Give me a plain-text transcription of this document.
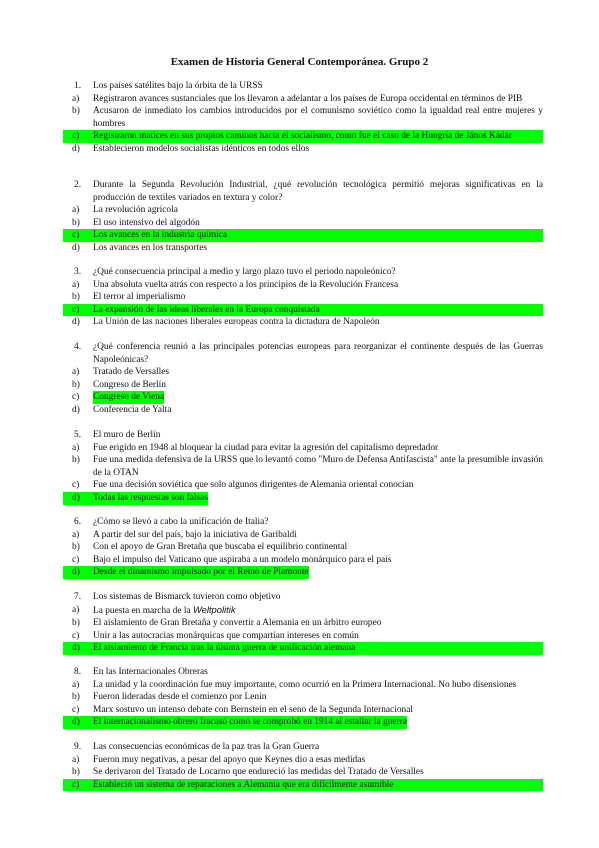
Examen de Historia General Contemporánea. Grupo 2
1.	Los países satélites bajo la órbita de la URSS
a)	Registraron avances sustanciales que los llevaron a adelantar a los países de Europa occidental en términos de PIB
b)	Acusaron de inmediato los cambios introducidos por el comunismo soviético como la igualdad real entre mujeres y hombres
c)	Registraron matices en sus propios caminos hacia el socialismo, como fue el caso de la Hungría de János Kádár
d)	Establecieron modelos socialistas idénticos en todos ellos
2.	Durante la Segunda Revolución Industrial, ¿qué revolución tecnológica permitió mejoras significativas en la producción de textiles variados en textura y color?
a)	La revolución agrícola
b)	El uso intensivo del algodón
c)	Los avances en la industria química
d)	Los avances en los transportes
3.	¿Qué consecuencia principal a medio y largo plazo tuvo el periodo napoleónico?
a)	Una absoluta vuelta atrás con respecto a los principios de la Revolución Francesa
b)	El terror al imperialismo
c)	La expansión de las ideas liberales en la Europa conquistada
d)	La Unión de las naciones liberales europeas contra la dictadura de Napoleón
4.	¿Qué conferencia reunió a las principales potencias europeas para reorganizar el continente después de las Guerras Napoleónicas?
a)	Tratado de Versalles
b)	Congreso de Berlín
c)	Congreso de Viena
d)	Conferencia de Yalta
5.	El muro de Berlín
a)	Fue erigido en 1948 al bloquear la ciudad para evitar la agresión del capitalismo depredador
b)	Fue una medida defensiva de la URSS que lo levantó como "Muro de Defensa Antifascista" ante la presumible invasión de la OTAN
c)	Fue una decisión soviética que solo algunos dirigentes de Alemania oriental conocían
d)	Todas las respuestas son falsas
6.	¿Cómo se llevó a cabo la unificación de Italia?
a)	A partir del sur del país, bajo la iniciativa de Garibaldi
b)	Con el apoyo de Gran Bretaña que buscaba el equilibrio continental
c)	Bajo el impulso del Vaticano que aspiraba a un modelo monárquico para el país
d)	Desde el dinamismo impulsado por el Reino de Piamonte
7.	Los sistemas de Bismarck tuvieron como objetivo
a)	La puesta en marcha de la Weltpolitik
b)	El aislamiento de Gran Bretaña y convertir a Alemania en un árbitro europeo
c)	Unir a las autocracias monárquicas que compartían intereses en común
d)	El aislamiento de Francia tras la última guerra de unificación alemana
8.	En las Internacionales Obreras
a)	La unidad y la coordinación fue muy importante, como ocurrió en la Primera Internacional. No hubo disensiones
b)	Fueron lideradas desde el comienzo por Lenin
c)	Marx sostuvo un intenso debate con Bernstein en el seno de la Segunda Internacional
d)	El internacionalismo obrero fracasó como se comprobó en 1914 al estallar la guerra
9.	Las consecuencias económicas de la paz tras la Gran Guerra
a)	Fueron muy negativas, a pesar del apoyo que Keynes dio a esas medidas
b)	Se derivaron del Tratado de Locarno que endureció las medidas del Tratado de Versalles
c)	Estableció un sistema de reparaciones a Alemania que era difícilmente asumible
